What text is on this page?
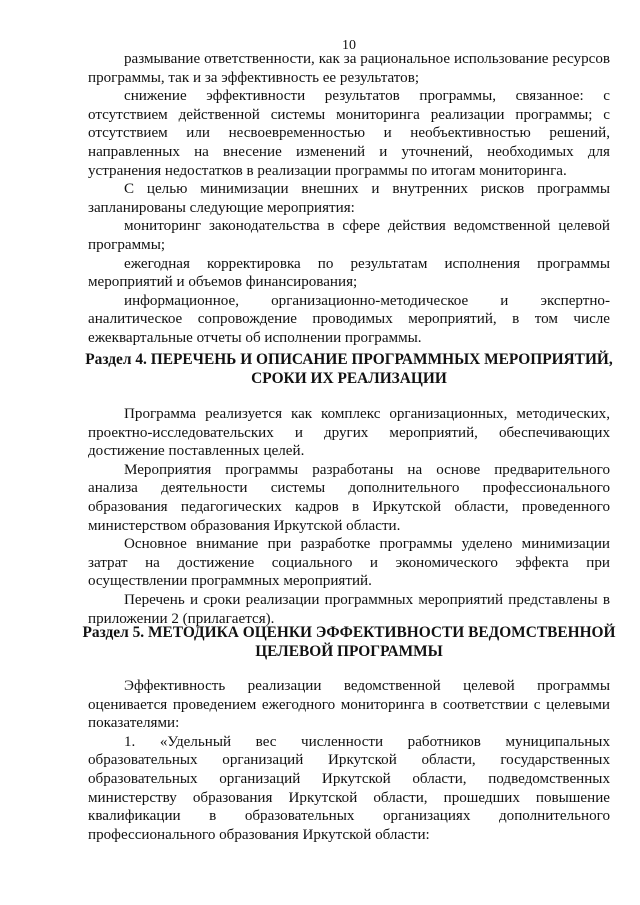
10

размывание ответственности, как за рациональное использование ресурсов программы, так и за эффективность ее результатов;

снижение эффективности результатов программы, связанное: с отсутствием действенной системы мониторинга реализации программы; с отсутствием или несвоевременностью и необъективностью решений, направленных на внесение изменений и уточнений, необходимых для устранения недостатков в реализации программы по итогам мониторинга.

С целью минимизации внешних и внутренних рисков программы запланированы следующие мероприятия:

мониторинг законодательства в сфере действия ведомственной целевой программы;

ежегодная корректировка по результатам исполнения программы мероприятий и объемов финансирования;

информационное, организационно-методическое и экспертно-аналитическое сопровождение проводимых мероприятий, в том числе ежеквартальные отчеты об исполнении программы.

Раздел 4. ПЕРЕЧЕНЬ И ОПИСАНИЕ ПРОГРАММНЫХ МЕРОПРИЯТИЙ,
СРОКИ ИХ РЕАЛИЗАЦИИ

Программа реализуется как комплекс организационных, методических, проектно-исследовательских и других мероприятий, обеспечивающих достижение поставленных целей.

Мероприятия программы разработаны на основе предварительного анализа деятельности системы дополнительного профессионального образования педагогических кадров в Иркутской области, проведенного министерством образования Иркутской области.

Основное внимание при разработке программы уделено минимизации затрат на достижение социального и экономического эффекта при осуществлении программных мероприятий.

Перечень и сроки реализации программных мероприятий представлены в приложении 2 (прилагается).

Раздел 5. МЕТОДИКА ОЦЕНКИ ЭФФЕКТИВНОСТИ ВЕДОМСТВЕННОЙ
ЦЕЛЕВОЙ ПРОГРАММЫ

Эффективность реализации ведомственной целевой программы оценивается проведением ежегодного мониторинга в соответствии с целевыми показателями:

1. «Удельный вес численности работников муниципальных образовательных организаций Иркутской области, государственных образовательных организаций Иркутской области, подведомственных министерству образования Иркутской области, прошедших повышение квалификации в образовательных организациях дополнительного профессионального образования Иркутской области:
